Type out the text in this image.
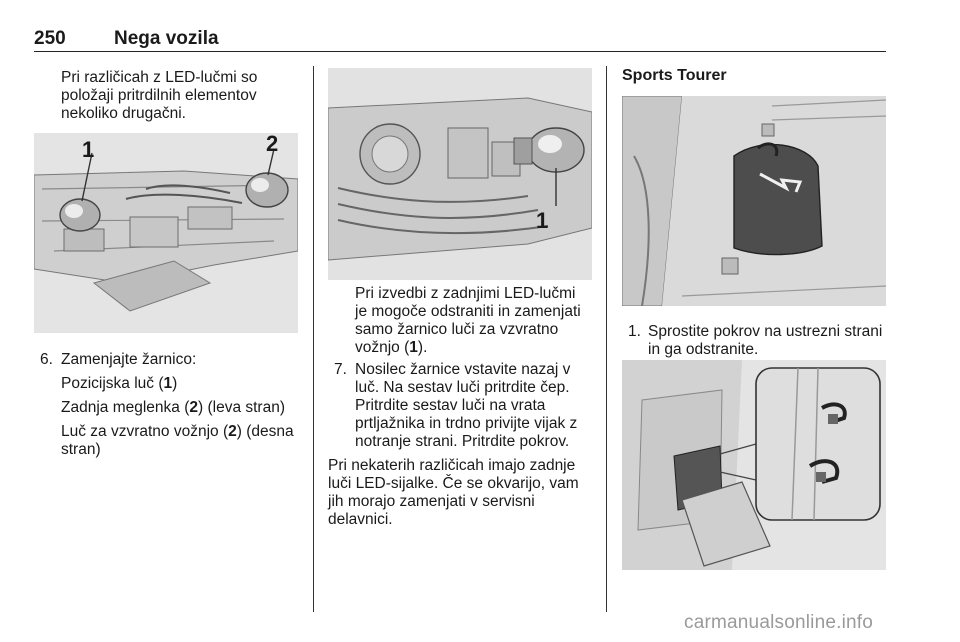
250	Nega vozila
Pri različicah z LED-lučmi so
položaji pritrdilnih elementov
nekoliko drugačni.
1	2
6. Zamenjajte žarnico:
Pozicijska luč (1)
Zadnja meglenka (2) (leva stran)
Luč za vzvratno vožnjo (2) (desna
stran)
1
Pri izvedbi z zadnjimi LED-lučmi
je mogoče odstraniti in zamenjati
samo žarnico luči za vzvratno
vožnjo (1).
7. Nosilec žarnice vstavite nazaj v
luč. Na sestav luči pritrdite čep.
Pritrdite sestav luči na vrata
prtljažnika in trdno privijte vijak z
notranje strani. Pritrdite pokrov.
Pri nekaterih različicah imajo zadnje
luči LED-sijalke. Če se okvarijo, vam
jih morajo zamenjati v servisni
delavnici.
Sports Tourer
1. Sprostite pokrov na ustrezni strani
in ga odstranite.
carmanualsonline.info
